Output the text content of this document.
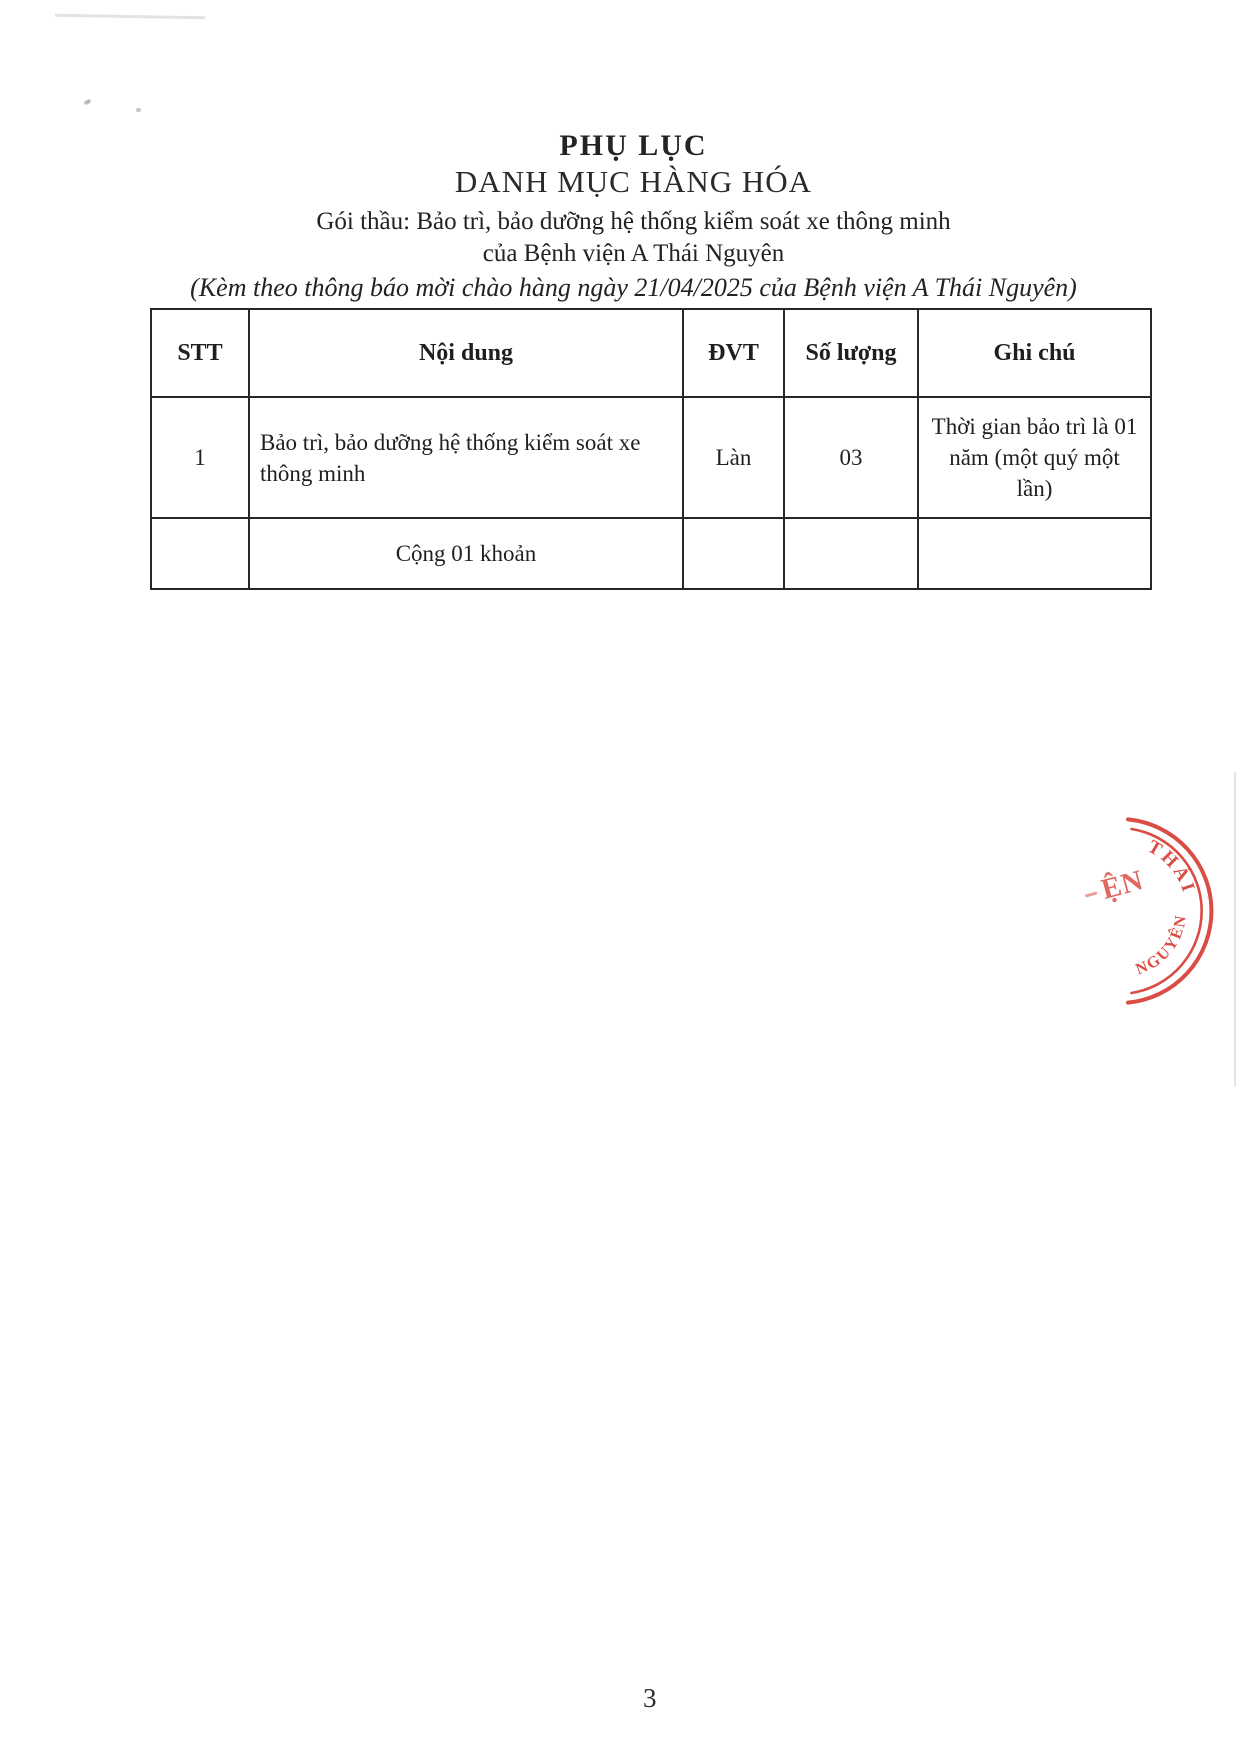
PHỤ LỤC
DANH MỤC HÀNG HÓA
Gói thầu: Bảo trì, bảo dưỡng hệ thống kiểm soát xe thông minh
của Bệnh viện A Thái Nguyên
(Kèm theo thông báo mời chào hàng ngày 21/04/2025 của Bệnh viện A Thái Nguyên)
STT	Nội dung	ĐVT	Số lượng	Ghi chú
1	Bảo trì, bảo dưỡng hệ thống kiểm soát xe thông minh	Làn	03	Thời gian bảo trì là 01 năm (một quý một lần)
	Cộng 01 khoản			
THÁI
NGUYÊN
ỆN
3
